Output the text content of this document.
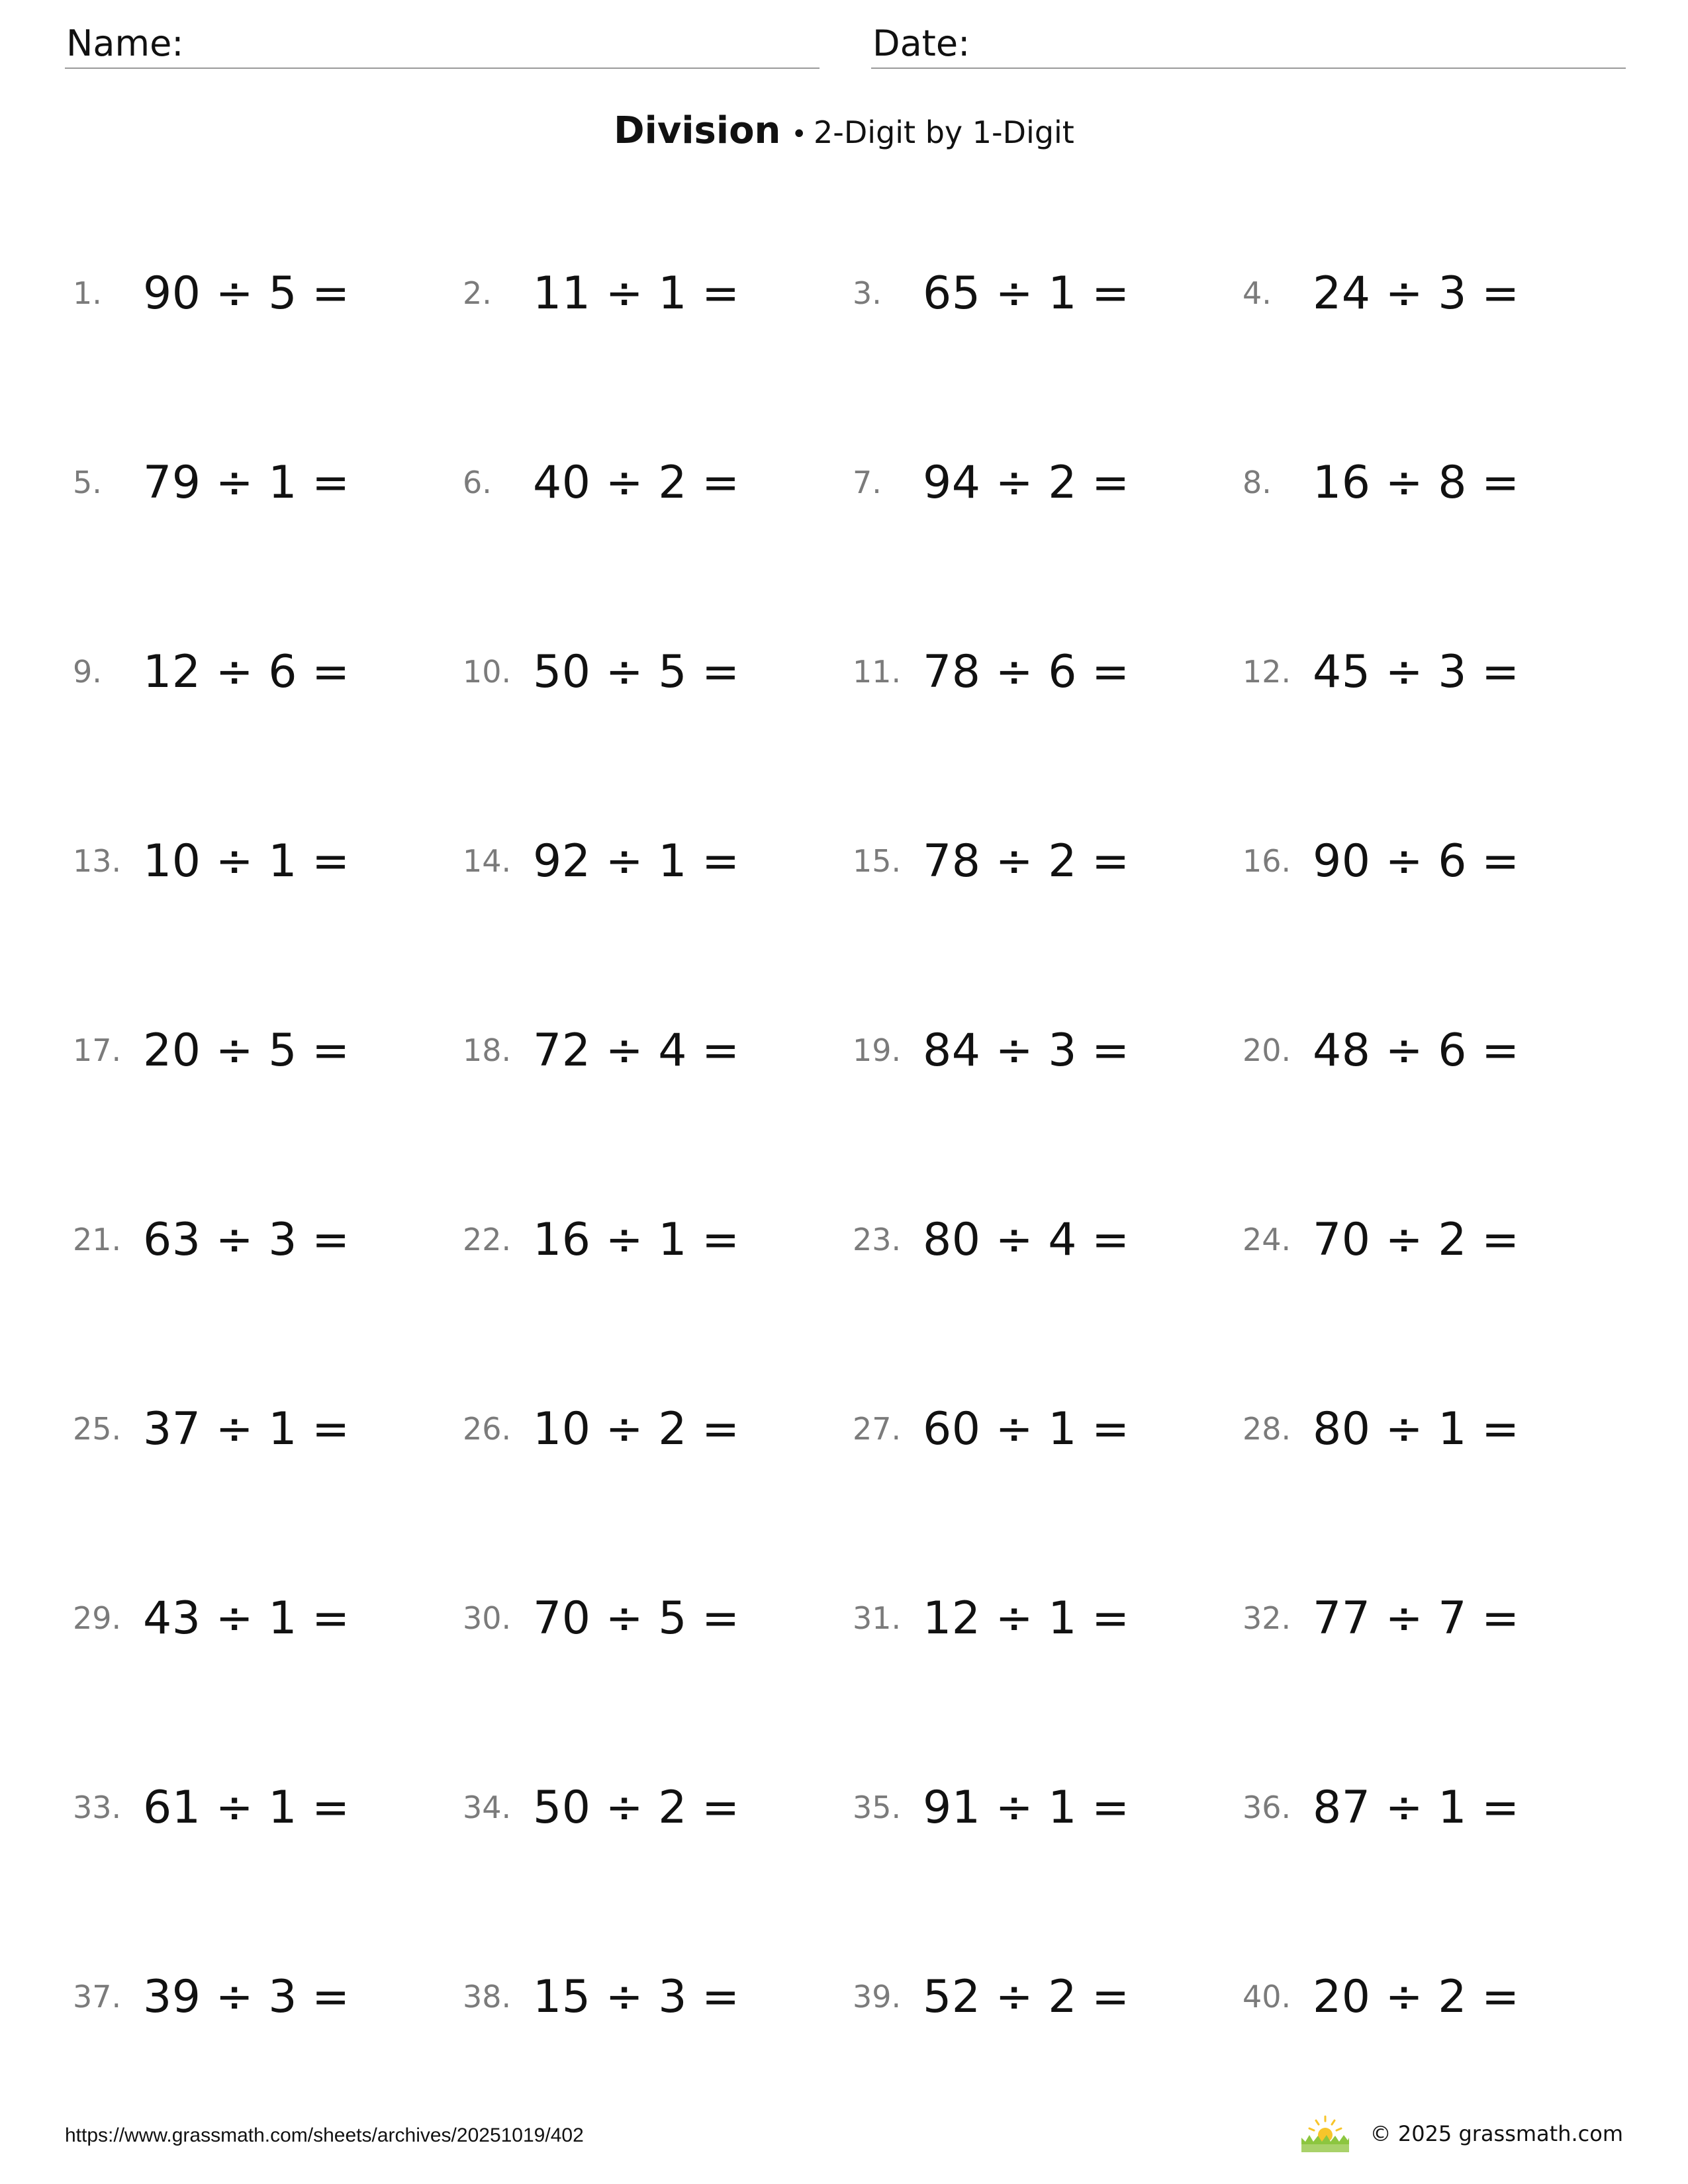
Name:	Date:
Division • 2-Digit by 1-Digit
1. 90 ÷ 5 =	2. 11 ÷ 1 =	3. 65 ÷ 1 =	4. 24 ÷ 3 =
5. 79 ÷ 1 =	6. 40 ÷ 2 =	7. 94 ÷ 2 =	8. 16 ÷ 8 =
9. 12 ÷ 6 =	10. 50 ÷ 5 =	11. 78 ÷ 6 =	12. 45 ÷ 3 =
13. 10 ÷ 1 =	14. 92 ÷ 1 =	15. 78 ÷ 2 =	16. 90 ÷ 6 =
17. 20 ÷ 5 =	18. 72 ÷ 4 =	19. 84 ÷ 3 =	20. 48 ÷ 6 =
21. 63 ÷ 3 =	22. 16 ÷ 1 =	23. 80 ÷ 4 =	24. 70 ÷ 2 =
25. 37 ÷ 1 =	26. 10 ÷ 2 =	27. 60 ÷ 1 =	28. 80 ÷ 1 =
29. 43 ÷ 1 =	30. 70 ÷ 5 =	31. 12 ÷ 1 =	32. 77 ÷ 7 =
33. 61 ÷ 1 =	34. 50 ÷ 2 =	35. 91 ÷ 1 =	36. 87 ÷ 1 =
37. 39 ÷ 3 =	38. 15 ÷ 3 =	39. 52 ÷ 2 =	40. 20 ÷ 2 =
https://www.grassmath.com/sheets/archives/20251019/402	© 2025 grassmath.com
